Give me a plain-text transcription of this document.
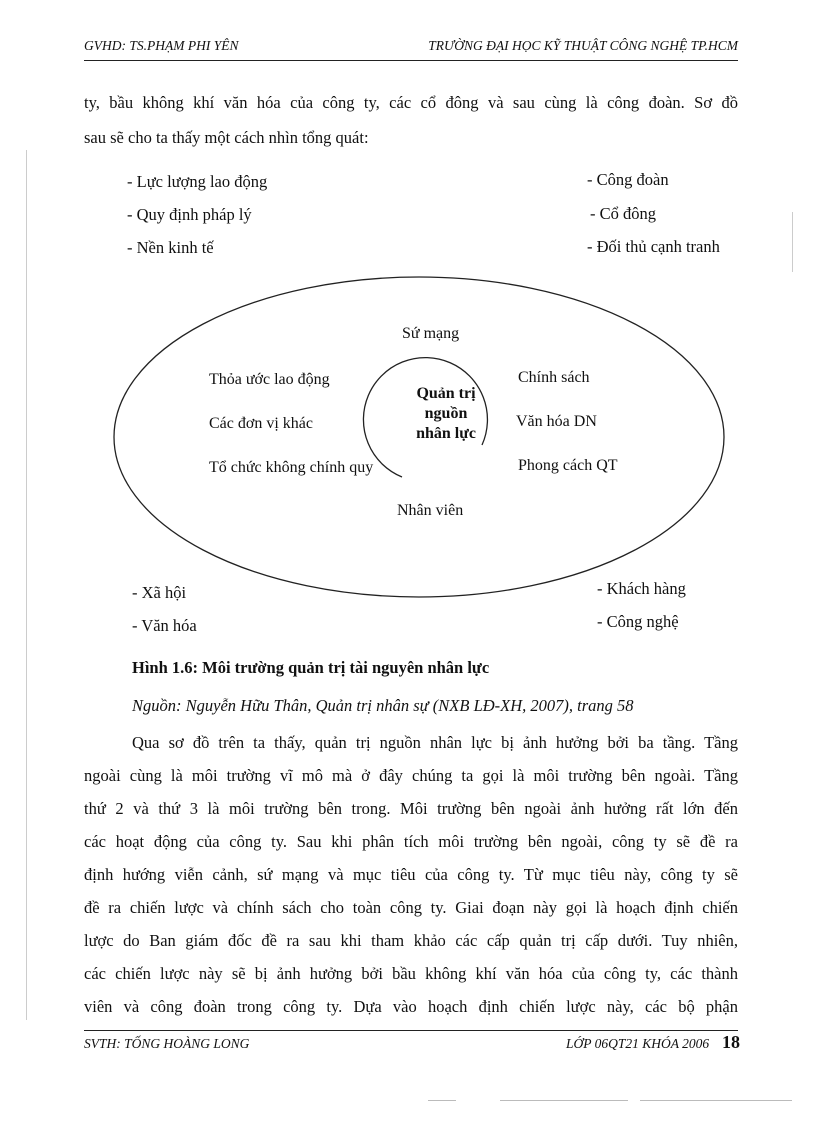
GVHD: TS.PHẠM PHI YÊN	TRƯỜNG ĐẠI HỌC KỸ THUẬT CÔNG NGHỆ TP.HCM
ty, bầu không khí văn hóa của công ty, các cổ đông và sau cùng là công đoàn. Sơ đồ
sau sẽ cho ta thấy một cách nhìn tổng quát:
- Lực lượng lao động
- Quy định pháp lý
- Nền kinh tế
- Công đoàn
- Cổ đông
- Đối thủ cạnh tranh
Sứ mạng
Thỏa ước lao động
Các đơn vị khác
Tổ chức không chính quy
Chính sách
Văn hóa DN
Phong cách QT
Nhân viên
Quản trị
nguồn
nhân lực
- Xã hội
- Văn hóa
- Khách hàng
- Công nghệ
Hình 1.6: Môi trường quản trị tài nguyên nhân lực
Nguồn: Nguyễn Hữu Thân, Quản trị nhân sự (NXB LĐ-XH, 2007), trang 58
Qua sơ đồ trên ta thấy, quản trị nguồn nhân lực bị ảnh hưởng bởi ba tầng. Tầng
ngoài cùng là môi trường vĩ mô mà ở đây chúng ta gọi là môi trường bên ngoài. Tầng
thứ 2 và thứ 3 là môi trường bên trong. Môi trường bên ngoài ảnh hưởng rất lớn đến
các hoạt động của công ty. Sau khi phân tích môi trường bên ngoài, công ty sẽ đề ra
định hướng viễn cảnh, sứ mạng và mục tiêu của công ty. Từ mục tiêu này, công ty sẽ
đề ra chiến lược và chính sách cho toàn công ty. Giai đoạn này gọi là hoạch định chiến
lược do Ban giám đốc đề ra sau khi tham khảo các cấp quản trị cấp dưới. Tuy nhiên,
các chiến lược này sẽ bị ảnh hưởng bởi bầu không khí văn hóa của công ty, các thành
viên và công đoàn trong công ty. Dựa vào hoạch định chiến lược này, các bộ phận
SVTH: TỐNG HOÀNG LONG	LỚP 06QT21 KHÓA 2006 18
